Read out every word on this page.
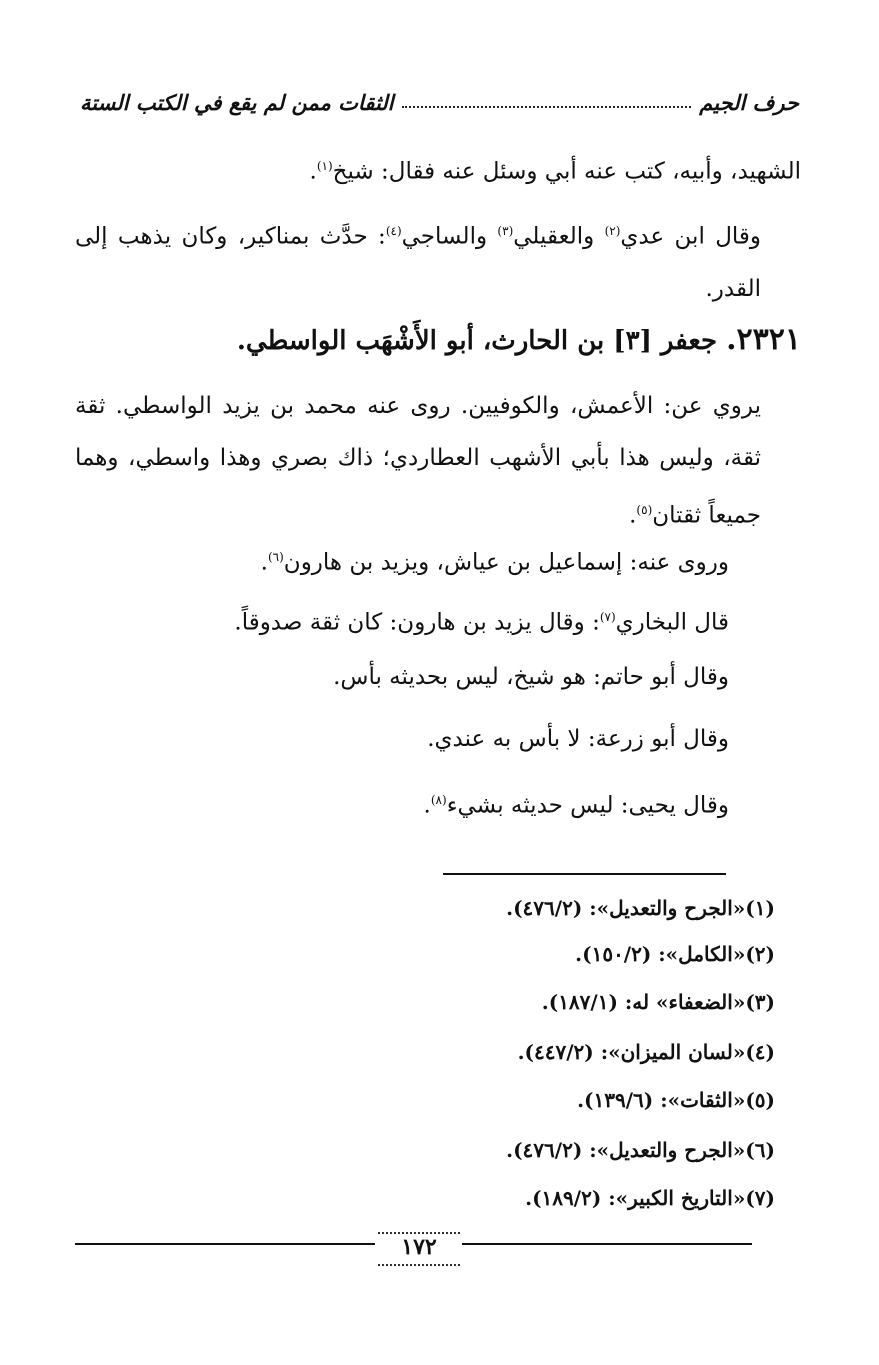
حرف الجيم
الثقات ممن لم يقع في الكتب الستة
الشهيد، وأبيه، كتب عنه أبي وسئل عنه فقال: شيخ$^{(١)}$.
وقال ابن عدي$^{(٢)}$ والعقيلي$^{(٣)}$ والساجي$^{(٤)}$: حدَّث بمناكير، وكان يذهب إلى القدر.
٢٣٢١. جعفر [٣] بن الحارث، أبو الأَشْهَب الواسطي.
يروي عن: الأعمش، والكوفيين. روى عنه محمد بن يزيد الواسطي. ثقة ثقة، وليس هذا بأبي الأشهب العطاردي؛ ذاك بصري وهذا واسطي، وهما جميعاً ثقتان$^{(٥)}$.
وروى عنه: إسماعيل بن عياش، ويزيد بن هارون$^{(٦)}$.
قال البخاري$^{(٧)}$: وقال يزيد بن هارون: كان ثقة صدوقاً.
وقال أبو حاتم: هو شيخ، ليس بحديثه بأس.
وقال أبو زرعة: لا بأس به عندي.
وقال يحيى: ليس حديثه بشيء$^{(٨)}$.
(١)«الجرح والتعديل»: (٤٧٦/٢).
(٢)«الكامل»: (١٥٠/٢).
(٣)«الضعفاء» له: (١٨٧/١).
(٤)«لسان الميزان»: (٤٤٧/٢).
(٥)«الثقات»: (١٣٩/٦).
(٦)«الجرح والتعديل»: (٤٧٦/٢).
(٧)«التاريخ الكبير»: (١٨٩/٢).
١٧٢
